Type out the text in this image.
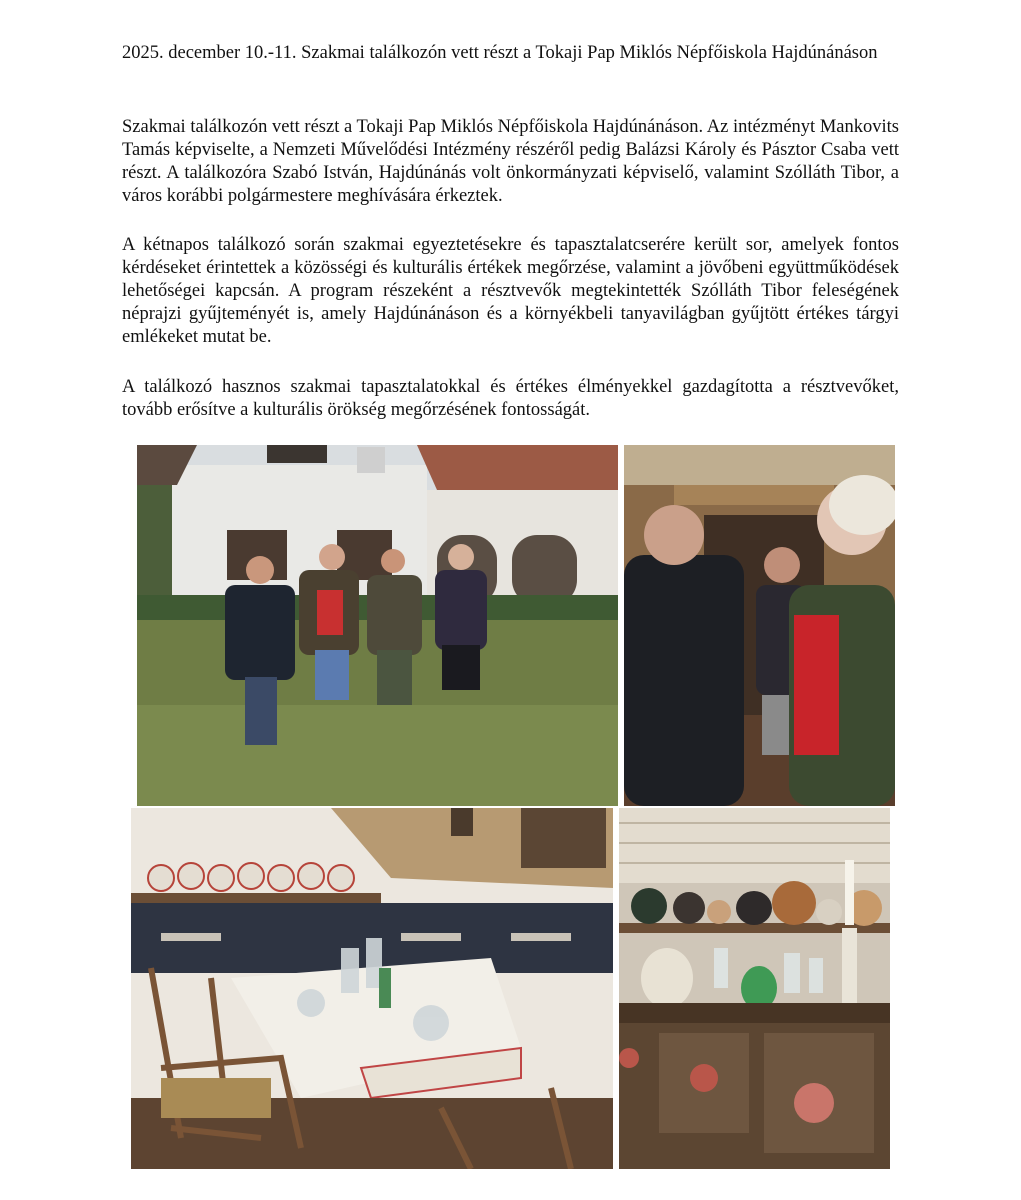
2025. december 10.-11. Szakmai találkozón vett részt a Tokaji Pap Miklós Népfőiskola Hajdúnánáson
Szakmai találkozón vett részt a Tokaji Pap Miklós Népfőiskola Hajdúnánáson. Az intézményt Mankovits Tamás képviselte, a Nemzeti Művelődési Intézmény részéről pedig Balázsi Károly és Pásztor Csaba vett részt. A találkozóra Szabó István, Hajdúnánás volt önkormányzati képviselő, valamint Szólláth Tibor, a város korábbi polgármestere meghívására érkeztek.
A kétnapos találkozó során szakmai egyeztetésekre és tapasztalatcserére került sor, amelyek fontos kérdéseket érintettek a közösségi és kulturális értékek megőrzése, valamint a jövőbeni együttműködések lehetőségei kapcsán. A program részeként a résztvevők megtekintették Szólláth Tibor feleségének néprajzi gyűjteményét is, amely Hajdúnánáson és a környékbeli tanyavilágban gyűjtött értékes tárgyi emlékeket mutat be.
A találkozó hasznos szakmai tapasztalatokkal és értékes élményekkel gazdagította a résztvevőket, tovább erősítve a kulturális örökség megőrzésének fontosságát.
